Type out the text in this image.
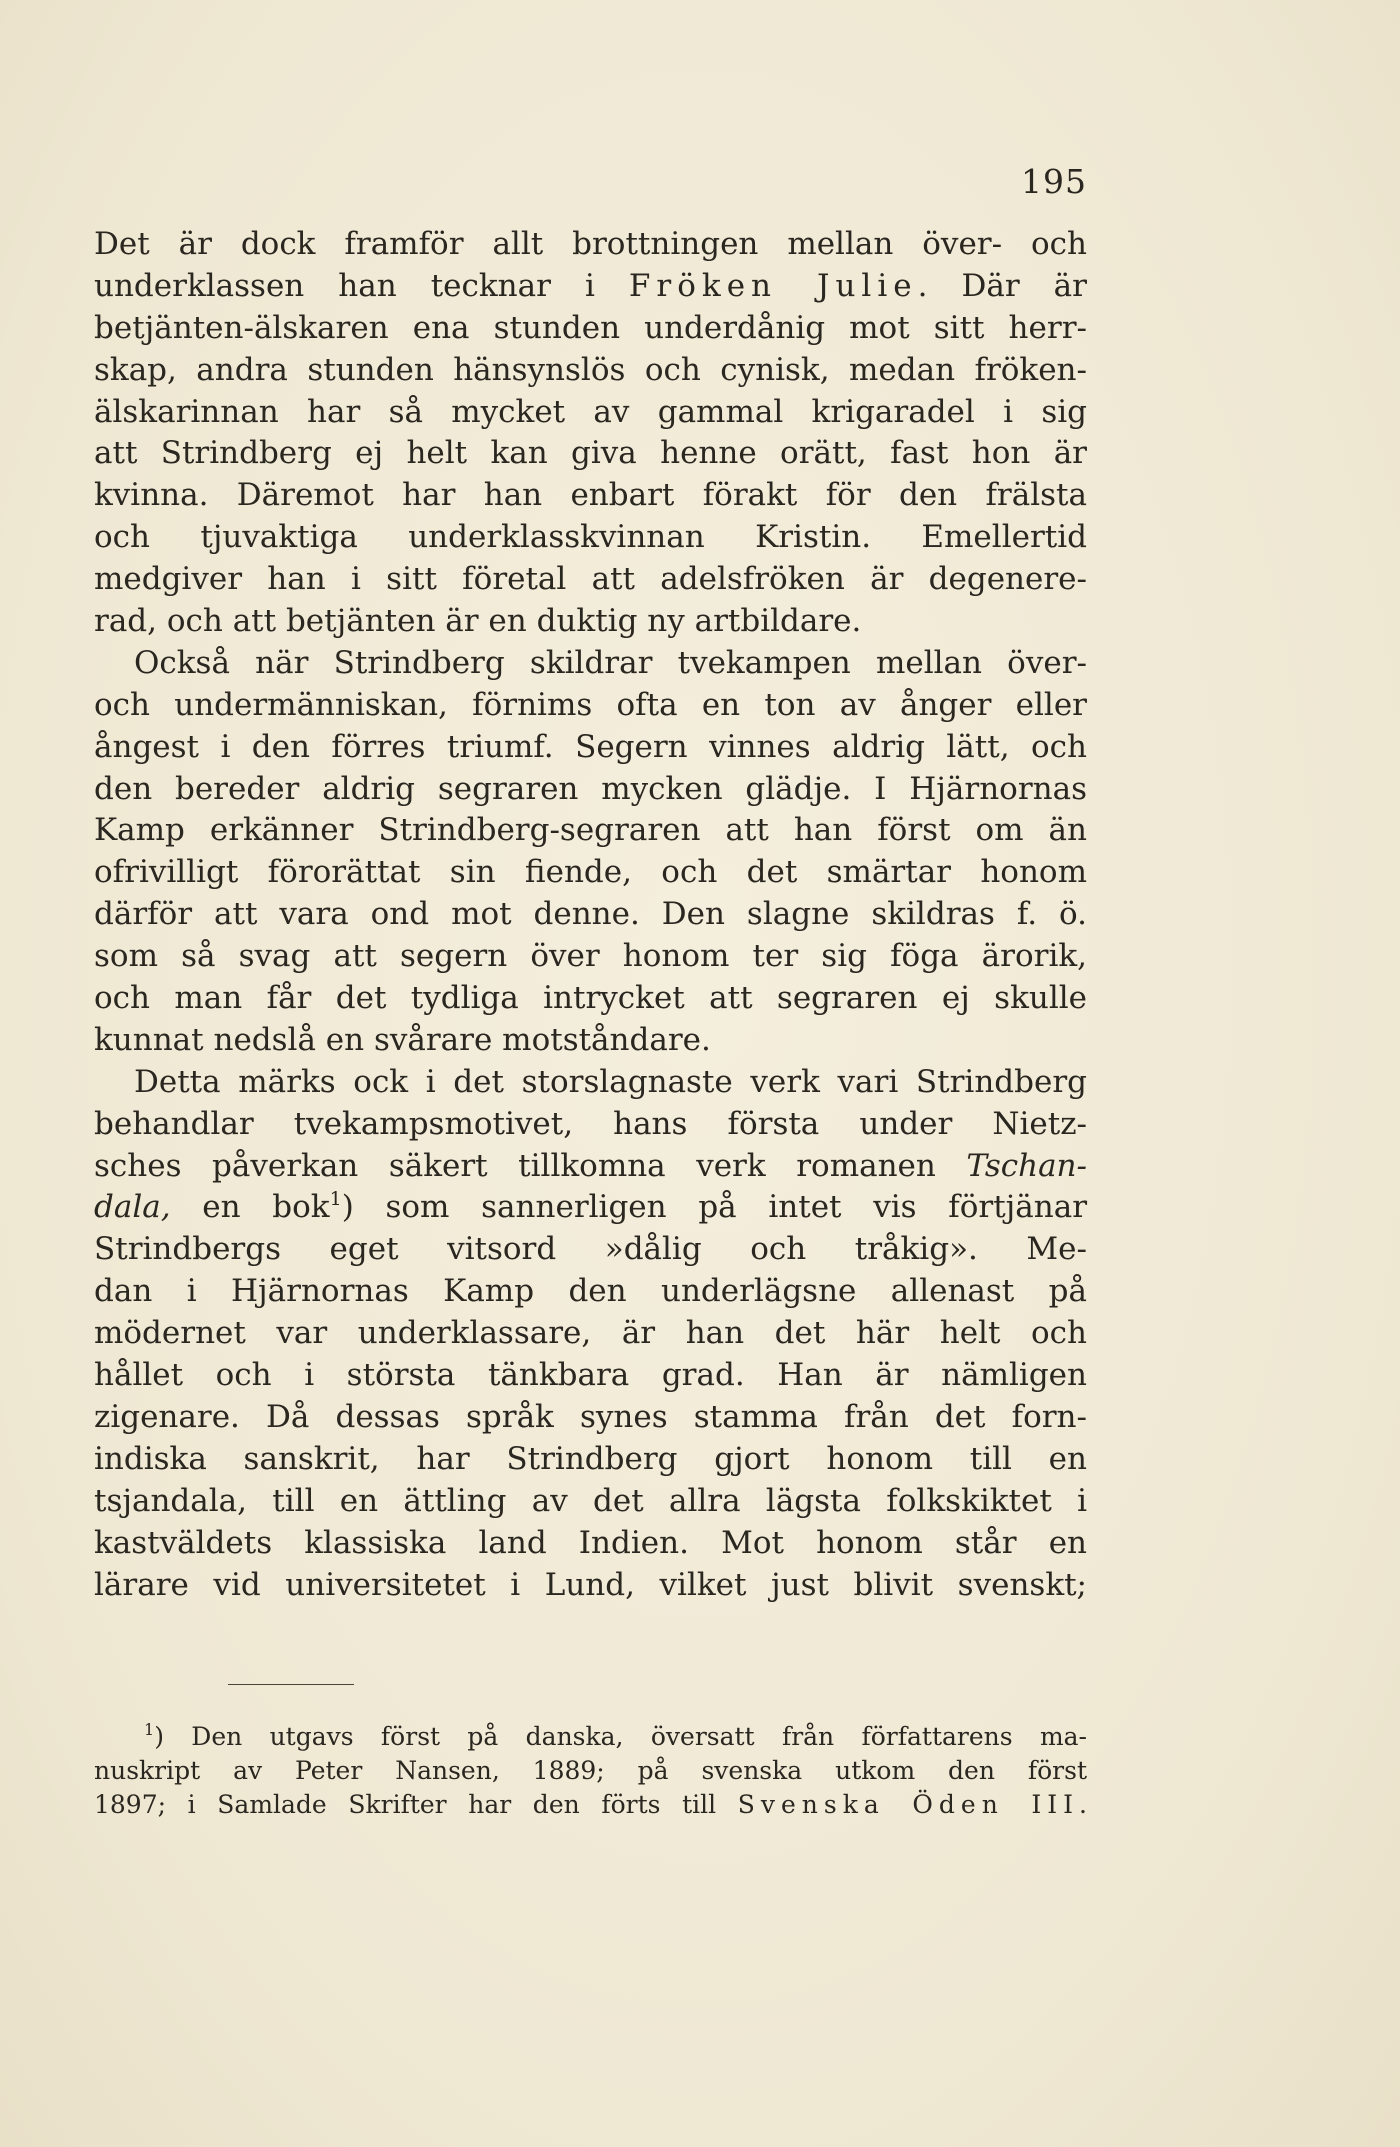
195
Det är dock framför allt brottningen mellan över- och
underklassen han tecknar i Fröken Julie. Där är
betjänten-älskaren ena stunden underdånig mot sitt herr-
skap, andra stunden hänsynslös och cynisk, medan fröken-
älskarinnan har så mycket av gammal krigaradel i sig
att Strindberg ej helt kan giva henne orätt, fast hon är
kvinna. Däremot har han enbart förakt för den frälsta
och tjuvaktiga underklasskvinnan Kristin. Emellertid
medgiver han i sitt företal att adelsfröken är degenere-
rad, och att betjänten är en duktig ny artbildare.
Också när Strindberg skildrar tvekampen mellan över-
och undermänniskan, förnims ofta en ton av ånger eller
ångest i den förres triumf. Segern vinnes aldrig lätt, och
den bereder aldrig segraren mycken glädje. I Hjärnornas
Kamp erkänner Strindberg-segraren att han först om än
ofrivilligt förorättat sin fiende, och det smärtar honom
därför att vara ond mot denne. Den slagne skildras f. ö.
som så svag att segern över honom ter sig föga ärorik,
och man får det tydliga intrycket att segraren ej skulle
kunnat nedslå en svårare motståndare.
Detta märks ock i det storslagnaste verk vari Strindberg
behandlar tvekampsmotivet, hans första under Nietz-
sches påverkan säkert tillkomna verk romanen Tschan-
dala, en bok$^1$) som sannerligen på intet vis förtjänar
Strindbergs eget vitsord »dålig och tråkig». Me-
dan i Hjärnornas Kamp den underlägsne allenast på
mödernet var underklassare, är han det här helt och
hållet och i största tänkbara grad. Han är nämligen
zigenare. Då dessas språk synes stamma från det forn-
indiska sanskrit, har Strindberg gjort honom till en
tsjandala, till en ättling av det allra lägsta folkskiktet i
kastväldets klassiska land Indien. Mot honom står en
lärare vid universitetet i Lund, vilket just blivit svenskt;
$^1$) Den utgavs först på danska, översatt från författarens ma-
nuskript av Peter Nansen, 1889; på svenska utkom den först
1897; i Samlade Skrifter har den förts till Svenska Öden III.
